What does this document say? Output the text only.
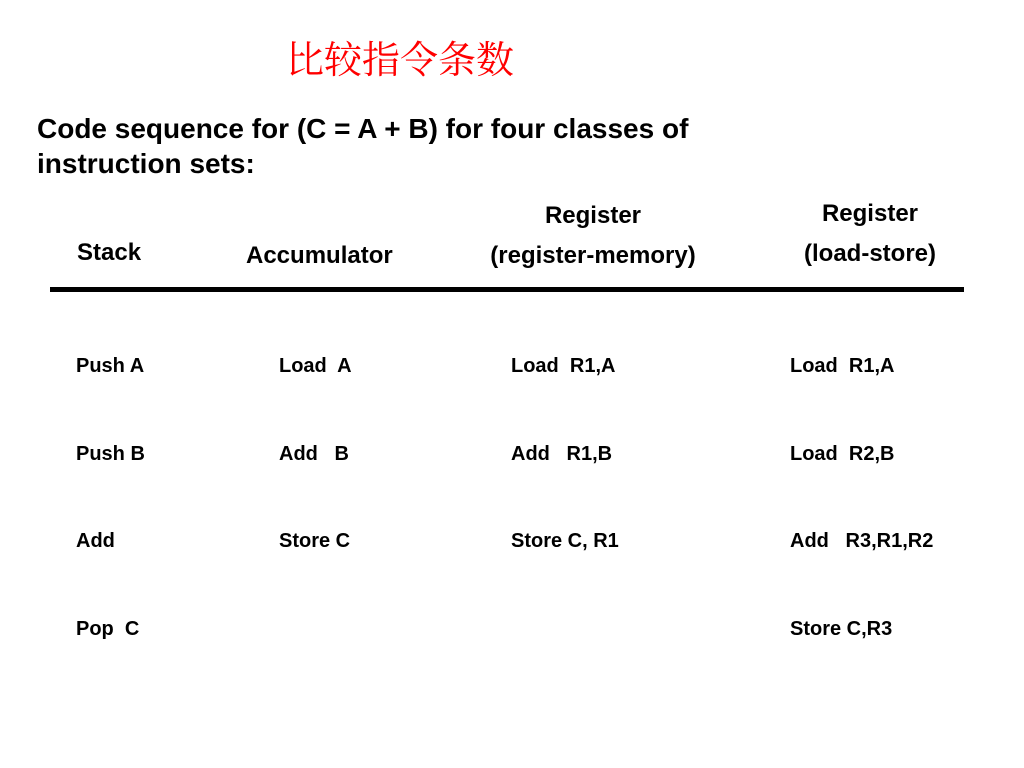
比较指令条数
Code sequence for (C = A + B) for four classes of instruction sets:
Stack	Accumulator
Register
(register-memory)
Register
(load-store)

Push A

Push B

Add

Pop  C

Load  A

Add   B

Store C

Load  R1,A

Add   R1,B

Store C, R1

Load  R1,A

Load  R2,B

Add   R3,R1,R2

Store C,R3
